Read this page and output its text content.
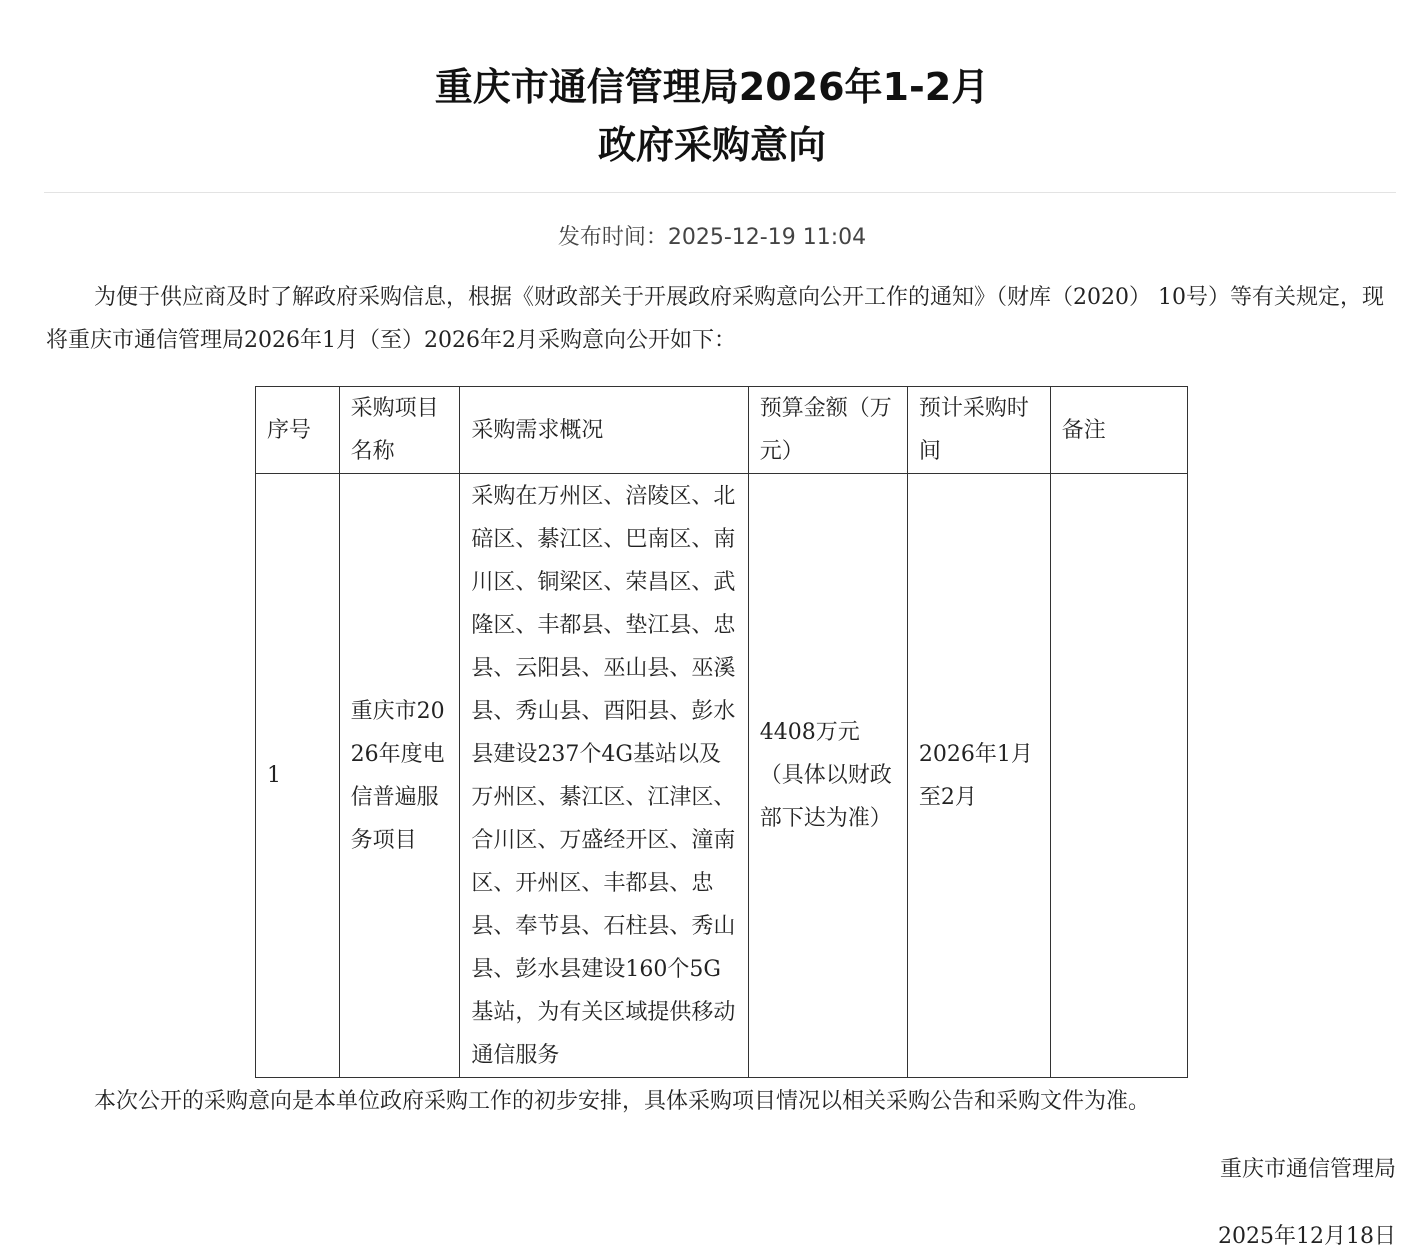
重庆市通信管理局2026年1-2月
政府采购意向
发布时间：2025-12-19 11:04

为便于供应商及时了解政府采购信息，根据《财政部关于开展政府采购意向公开工作的通知》（财库（2020） 10号）等有关规定，现将重庆市通信管理局2026年1月（至）2026年2月采购意向公开如下：

序号	采购项目名称	采购需求概况	预算金额（万元）	预计采购时间	备注
1	重庆市2026年度电信普遍服务项目	采购在万州区、涪陵区、北碚区、綦江区、巴南区、南川区、铜梁区、荣昌区、武隆区、丰都县、垫江县、忠县、云阳县、巫山县、巫溪县、秀山县、酉阳县、彭水县建设237个4G基站以及万州区、綦江区、江津区、合川区、万盛经开区、潼南区、开州区、丰都县、忠县、奉节县、石柱县、秀山县、彭水县建设160个5G基站，为有关区域提供移动通信服务	4408万元（具体以财政部下达为准）	2026年1月至2月	

本次公开的采购意向是本单位政府采购工作的初步安排，具体采购项目情况以相关采购公告和采购文件为准。

重庆市通信管理局
2025年12月18日
